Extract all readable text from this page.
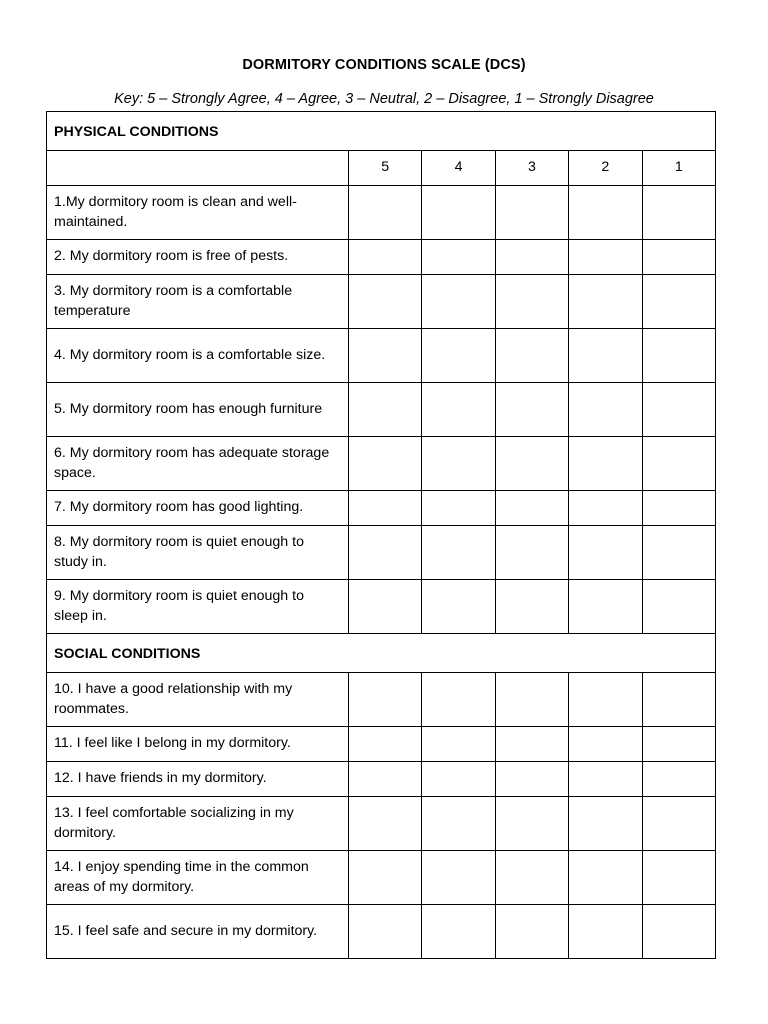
DORMITORY CONDITIONS SCALE (DCS)
Key: 5 – Strongly Agree, 4 – Agree, 3 – Neutral, 2 – Disagree, 1 – Strongly Disagree
PHYSICAL CONDITIONS					
	5	4	3	2	1
1.My dormitory room is clean and well-maintained.					
2. My dormitory room is free of pests.					
3. My dormitory room is a comfortable temperature					
4. My dormitory room is a comfortable size.					
5. My dormitory room has enough furniture					
6. My dormitory room has adequate storage space.					
7. My dormitory room has good lighting.					
8. My dormitory room is quiet enough to study in.					
9. My dormitory room is quiet enough to sleep in.					
SOCIAL CONDITIONS					
10. I have a good relationship with my roommates.					
11. I feel like I belong in my dormitory.					
12. I have friends in my dormitory.					
13. I feel comfortable socializing in my dormitory.					
14. I enjoy spending time in the common areas of my dormitory.					
15. I feel safe and secure in my dormitory.					
